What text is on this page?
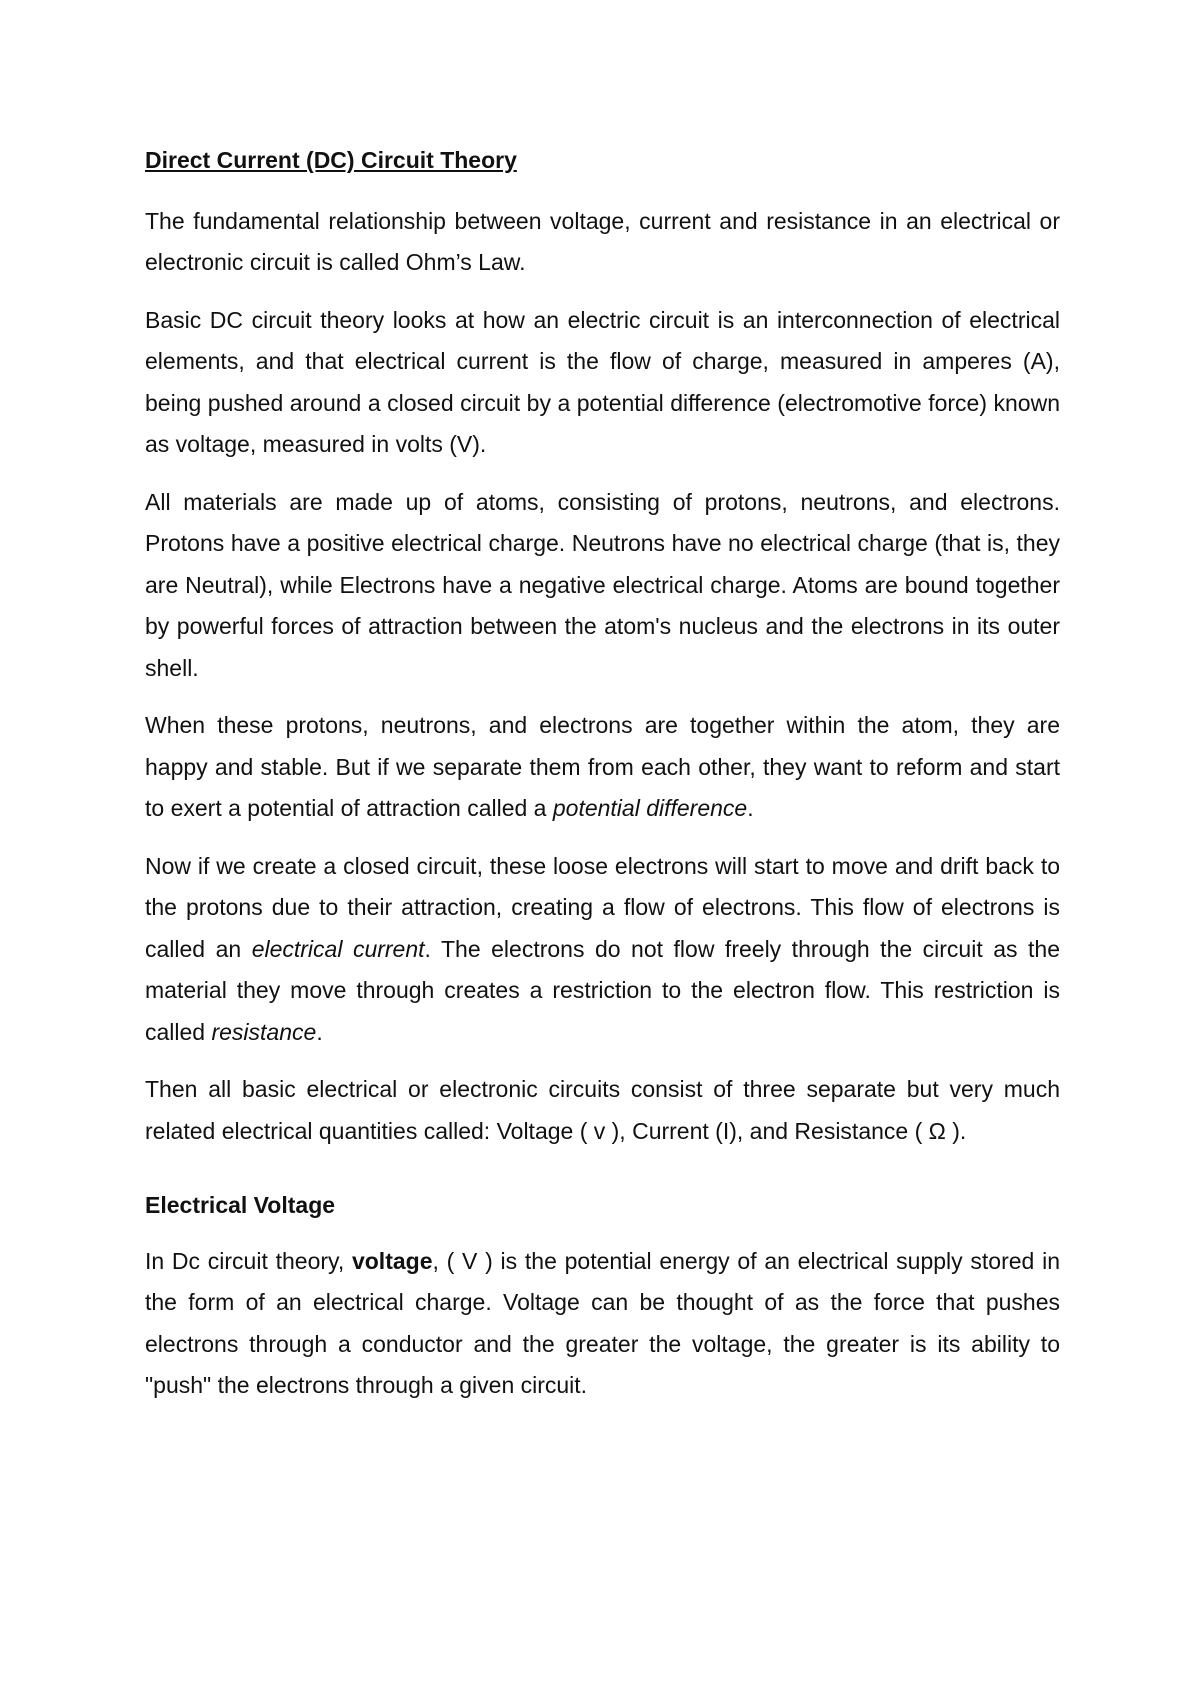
Direct Current (DC) Circuit Theory

The fundamental relationship between voltage, current and resistance in an electrical or electronic circuit is called Ohm’s Law.

Basic DC circuit theory looks at how an electric circuit is an interconnection of electrical elements, and that electrical current is the flow of charge, measured in amperes (A), being pushed around a closed circuit by a potential difference (electromotive force) known as voltage, measured in volts (V).

All materials are made up of atoms, consisting of protons, neutrons, and electrons. Protons have a positive electrical charge. Neutrons have no electrical charge (that is, they are Neutral), while Electrons have a negative electrical charge. Atoms are bound together by powerful forces of attraction between the atom's nucleus and the electrons in its outer shell.

When these protons, neutrons, and electrons are together within the atom, they are happy and stable. But if we separate them from each other, they want to reform and start to exert a potential of attraction called a potential difference.

Now if we create a closed circuit, these loose electrons will start to move and drift back to the protons due to their attraction, creating a flow of electrons. This flow of electrons is called an electrical current. The electrons do not flow freely through the circuit as the material they move through creates a restriction to the electron flow. This restriction is called resistance.

Then all basic electrical or electronic circuits consist of three separate but very much related electrical quantities called: Voltage ( v ), Current (I), and Resistance ( Ω ).

Electrical Voltage

In Dc circuit theory, voltage, ( V ) is the potential energy of an electrical supply stored in the form of an electrical charge. Voltage can be thought of as the force that pushes electrons through a conductor and the greater the voltage, the greater is its ability to "push" the electrons through a given circuit.
